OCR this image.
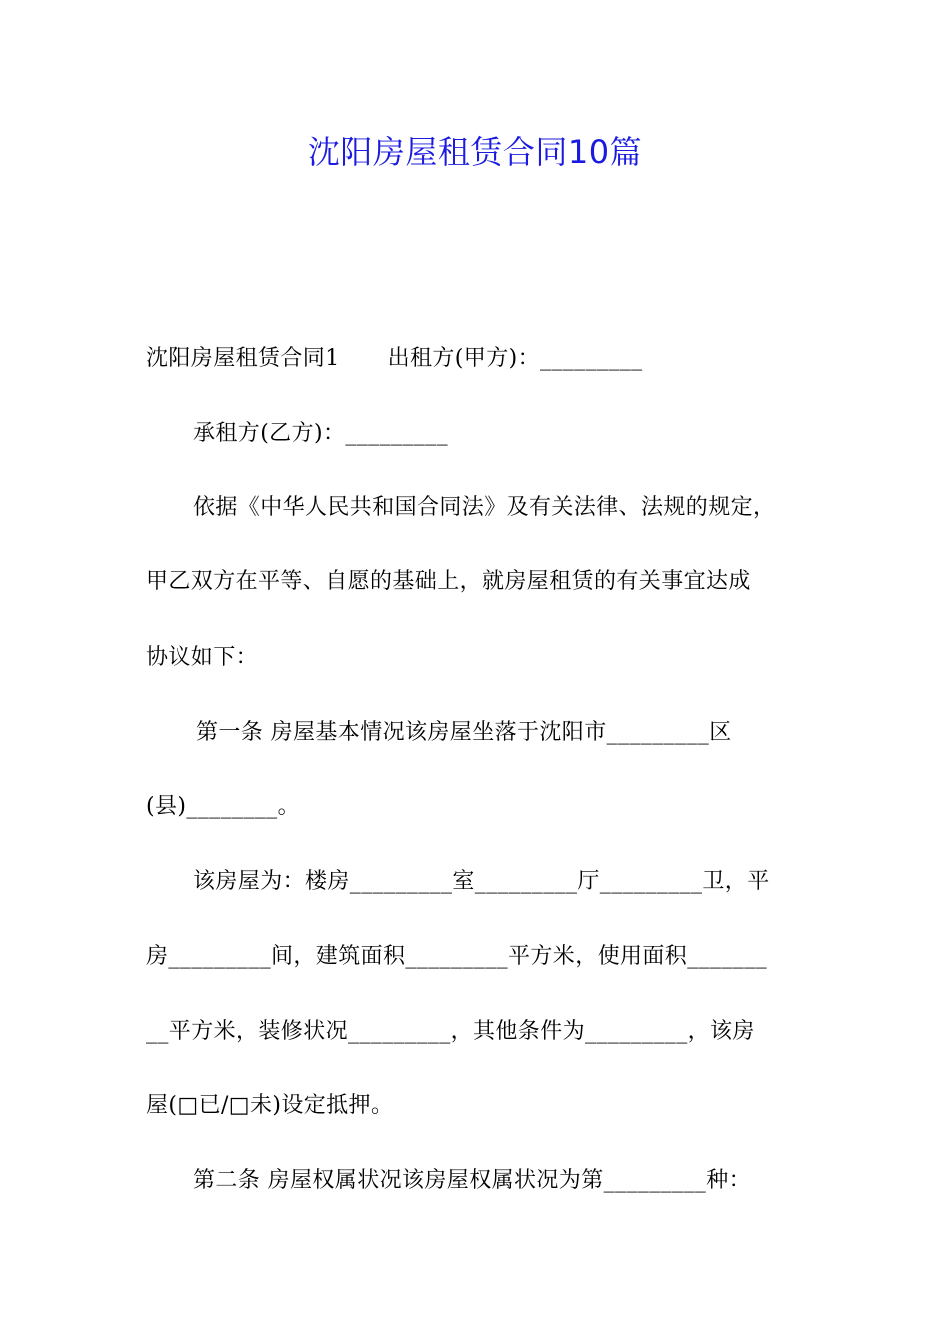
沈阳房屋租赁合同10篇
沈阳房屋租赁合同1 出租方(甲方)：_________
承租方(乙方)：_________
依据《中华人民共和国合同法》及有关法律、法规的规定，
甲乙双方在平等、自愿的基础上，就房屋租赁的有关事宜达成
协议如下：
第一条 房屋基本情况该房屋坐落于沈阳市_________区
(县)________。
该房屋为：楼房_________室_________厅_________卫，平
房_________间，建筑面积_________平方米，使用面积_______
__平方米，装修状况_________，其他条件为_________，该房
屋(□已/□未)设定抵押。
第二条 房屋权属状况该房屋权属状况为第_________种：
